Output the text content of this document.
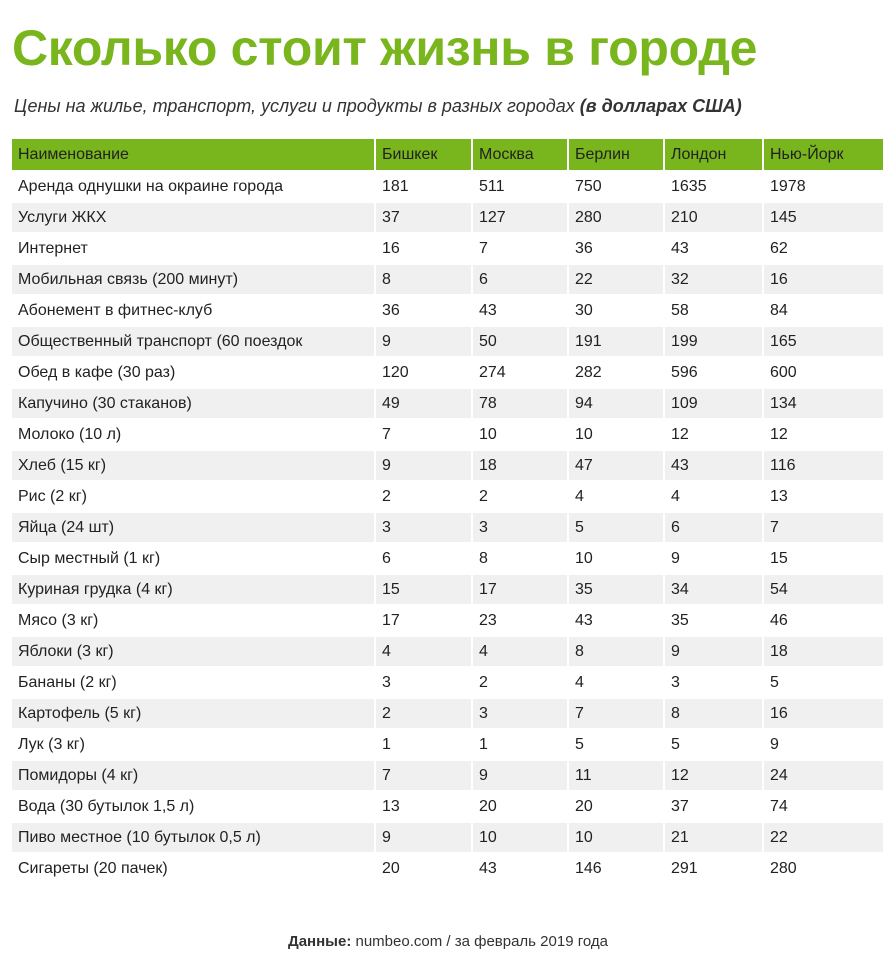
Сколько стоит жизнь в городе

Цены на жилье, транспорт, услуги и продукты в разных городах (в долларах США)

Наименование	Бишкек	Москва	Берлин	Лондон	Нью-Йорк
Аренда однушки на окраине города	181	511	750	1635	1978
Услуги ЖКХ	37	127	280	210	145
Интернет	16	7	36	43	62
Мобильная связь (200 минут)	8	6	22	32	16
Абонемент в фитнес-клуб	36	43	30	58	84
Общественный транспорт (60 поездок	9	50	191	199	165
Обед в кафе (30 раз)	120	274	282	596	600
Капучино (30 стаканов)	49	78	94	109	134
Молоко (10 л)	7	10	10	12	12
Хлеб (15 кг)	9	18	47	43	116
Рис (2 кг)	2	2	4	4	13
Яйца (24 шт)	3	3	5	6	7
Сыр местный (1 кг)	6	8	10	9	15
Куриная грудка (4 кг)	15	17	35	34	54
Мясо (3 кг)	17	23	43	35	46
Яблоки (3 кг)	4	4	8	9	18
Бананы (2 кг)	3	2	4	3	5
Картофель (5 кг)	2	3	7	8	16
Лук (3 кг)	1	1	5	5	9
Помидоры (4 кг)	7	9	11	12	24
Вода (30 бутылок 1,5 л)	13	20	20	37	74
Пиво местное (10 бутылок 0,5 л)	9	10	10	21	22
Сигареты (20 пачек)	20	43	146	291	280
Данные: numbeo.com / за февраль 2019 года
